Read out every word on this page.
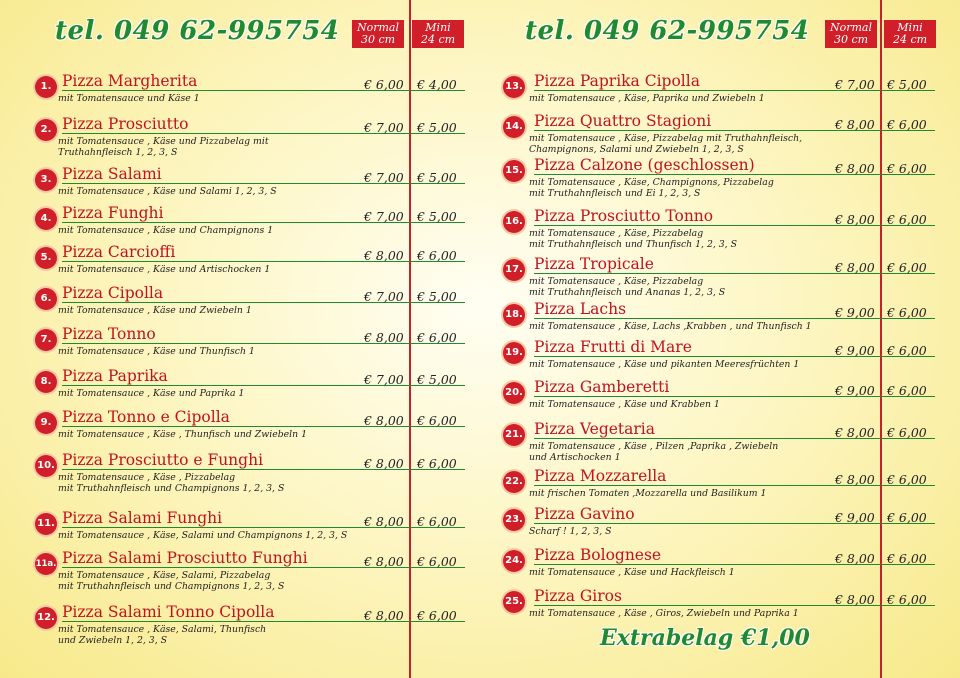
tel. 049 62-995754	Normal
30 cm
Mini
24 cm
1. Pizza Margherita
mit Tomatensauce und Käse 1
€ 6,00 € 4,00
2. Pizza Prosciutto
mit Tomatensauce , Käse und Pizzabelag mit
Truthahnfleisch 1, 2, 3, S
€ 7,00 € 5,00
3. Pizza Salami
mit Tomatensauce , Käse und Salami 1, 2, 3, S
€ 7,00 € 5,00
4. Pizza Funghi
mit Tomatensauce , Käse und Champignons 1
€ 7,00 € 5,00
5. Pizza Carcioffi
mit Tomatensauce , Käse und Artischocken 1
€ 8,00 € 6,00
6. Pizza Cipolla
mit Tomatensauce , Käse und Zwiebeln 1
€ 7,00 € 5,00
7. Pizza Tonno
mit Tomatensauce , Käse und Thunfisch 1
€ 8,00 € 6,00
8. Pizza Paprika
mit Tomatensauce , Käse und Paprika 1
€ 7,00 € 5,00
9. Pizza Tonno e Cipolla
mit Tomatensauce , Käse , Thunfisch und Zwiebeln 1
€ 8,00 € 6,00
10. Pizza Prosciutto e Funghi
mit Tomatensauce , Käse , Pizzabelag
mit Truthahnfleisch und Champignons 1, 2, 3, S
€ 8,00 € 6,00
11. Pizza Salami Funghi
mit Tomatensauce , Käse, Salami und Champignons 1, 2, 3, S
€ 8,00 € 6,00
11a. Pizza Salami Prosciutto Funghi
mit Tomatensauce , Käse, Salami, Pizzabelag
mit Truthahnfleisch und Champignons 1, 2, 3, S
€ 8,00 € 6,00
12. Pizza Salami Tonno Cipolla
mit Tomatensauce , Käse, Salami, Thunfisch
und Zwiebeln 1, 2, 3, S
€ 8,00 € 6,00
tel. 049 62-995754	Normal
30 cm
Mini
24 cm
13. Pizza Paprika Cipolla
mit Tomatensauce , Käse, Paprika und Zwiebeln 1
€ 7,00 € 5,00
14. Pizza Quattro Stagioni
mit Tomatensauce , Käse, Pizzabelag mit Truthahnfleisch,
Champignons, Salami und Zwiebeln 1, 2, 3, S
€ 8,00 € 6,00
15. Pizza Calzone (geschlossen)
mit Tomatensauce , Käse, Champignons, Pizzabelag
mit Truthahnfleisch und Ei 1, 2, 3, S
€ 8,00 € 6,00
16. Pizza Prosciutto Tonno
mit Tomatensauce , Käse, Pizzabelag
mit Truthahnfleisch und Thunfisch 1, 2, 3, S
€ 8,00 € 6,00
17. Pizza Tropicale
mit Tomatensauce , Käse, Pizzabelag
mit Truthahnfleisch und Ananas 1, 2, 3, S
€ 8,00 € 6,00
18. Pizza Lachs
mit Tomatensauce , Käse, Lachs ,Krabben , und Thunfisch 1
€ 9,00 € 6,00
19. Pizza Frutti di Mare
mit Tomatensauce , Käse und pikanten Meeresfrüchten 1
€ 9,00 € 6,00
20. Pizza Gamberetti
mit Tomatensauce , Käse und Krabben 1
€ 9,00 € 6,00
21. Pizza Vegetaria
mit Tomatensauce , Käse , Pilzen ,Paprika , Zwiebeln
und Artischocken 1
€ 8,00 € 6,00
22. Pizza Mozzarella
mit frischen Tomaten ,Mozzarella und Basilikum 1
€ 8,00 € 6,00
23. Pizza Gavino
Scharf ! 1, 2, 3, S
€ 9,00 € 6,00
24. Pizza Bolognese
mit Tomatensauce , Käse und Hackfleisch 1
€ 8,00 € 6,00
25. Pizza Giros
mit Tomatensauce , Käse , Giros, Zwiebeln und Paprika 1
€ 8,00 € 6,00
Extrabelag €1,00
